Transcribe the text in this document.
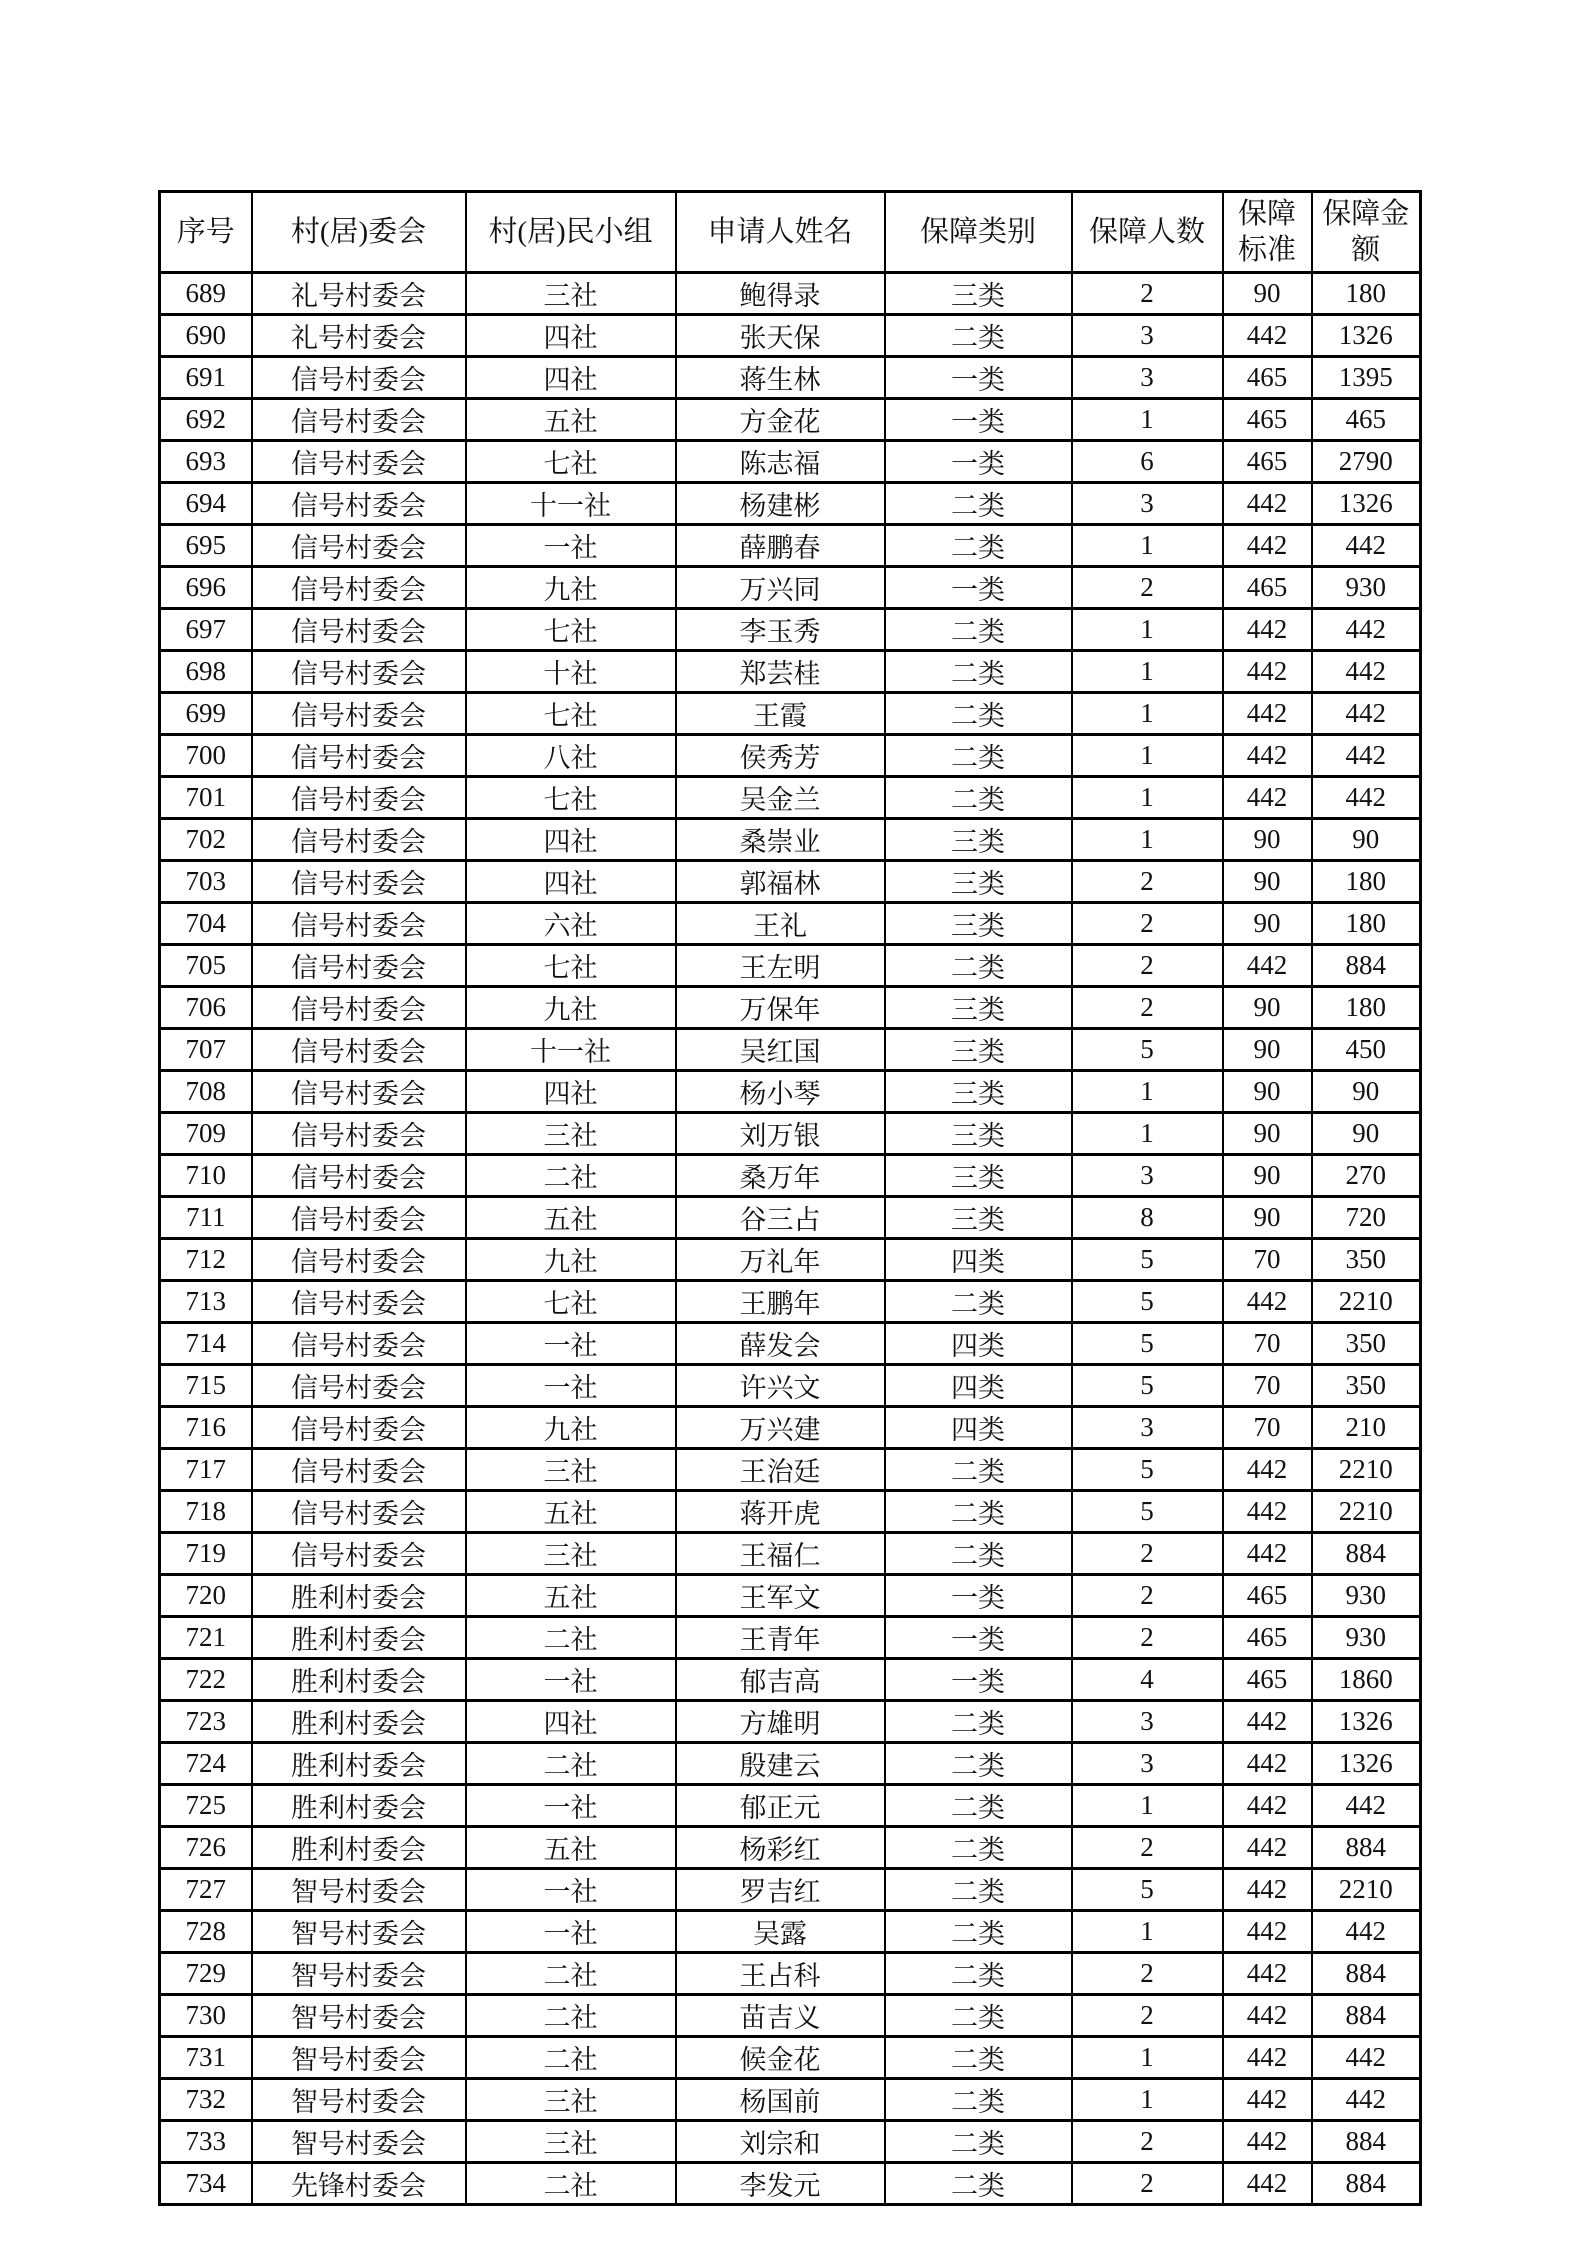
序号	村(居)委会	村(居)民小组	申请人姓名	保障类别	保障人数	保障标准	保障金额
689	礼号村委会	三社	鲍得录	三类	2	90	180
690	礼号村委会	四社	张天保	二类	3	442	1326
691	信号村委会	四社	蒋生林	一类	3	465	1395
692	信号村委会	五社	方金花	一类	1	465	465
693	信号村委会	七社	陈志福	一类	6	465	2790
694	信号村委会	十一社	杨建彬	二类	3	442	1326
695	信号村委会	一社	薛鹏春	二类	1	442	442
696	信号村委会	九社	万兴同	一类	2	465	930
697	信号村委会	七社	李玉秀	二类	1	442	442
698	信号村委会	十社	郑芸桂	二类	1	442	442
699	信号村委会	七社	王霞	二类	1	442	442
700	信号村委会	八社	侯秀芳	二类	1	442	442
701	信号村委会	七社	吴金兰	二类	1	442	442
702	信号村委会	四社	桑崇业	三类	1	90	90
703	信号村委会	四社	郭福林	三类	2	90	180
704	信号村委会	六社	王礼	三类	2	90	180
705	信号村委会	七社	王左明	二类	2	442	884
706	信号村委会	九社	万保年	三类	2	90	180
707	信号村委会	十一社	吴红国	三类	5	90	450
708	信号村委会	四社	杨小琴	三类	1	90	90
709	信号村委会	三社	刘万银	三类	1	90	90
710	信号村委会	二社	桑万年	三类	3	90	270
711	信号村委会	五社	谷三占	三类	8	90	720
712	信号村委会	九社	万礼年	四类	5	70	350
713	信号村委会	七社	王鹏年	二类	5	442	2210
714	信号村委会	一社	薛发会	四类	5	70	350
715	信号村委会	一社	许兴文	四类	5	70	350
716	信号村委会	九社	万兴建	四类	3	70	210
717	信号村委会	三社	王治廷	二类	5	442	2210
718	信号村委会	五社	蒋开虎	二类	5	442	2210
719	信号村委会	三社	王福仁	二类	2	442	884
720	胜利村委会	五社	王军文	一类	2	465	930
721	胜利村委会	二社	王青年	一类	2	465	930
722	胜利村委会	一社	郁吉高	一类	4	465	1860
723	胜利村委会	四社	方雄明	二类	3	442	1326
724	胜利村委会	二社	殷建云	二类	3	442	1326
725	胜利村委会	一社	郁正元	二类	1	442	442
726	胜利村委会	五社	杨彩红	二类	2	442	884
727	智号村委会	一社	罗吉红	二类	5	442	2210
728	智号村委会	一社	吴露	二类	1	442	442
729	智号村委会	二社	王占科	二类	2	442	884
730	智号村委会	二社	苗吉义	二类	2	442	884
731	智号村委会	二社	候金花	二类	1	442	442
732	智号村委会	三社	杨国前	二类	1	442	442
733	智号村委会	三社	刘宗和	二类	2	442	884
734	先锋村委会	二社	李发元	二类	2	442	884
